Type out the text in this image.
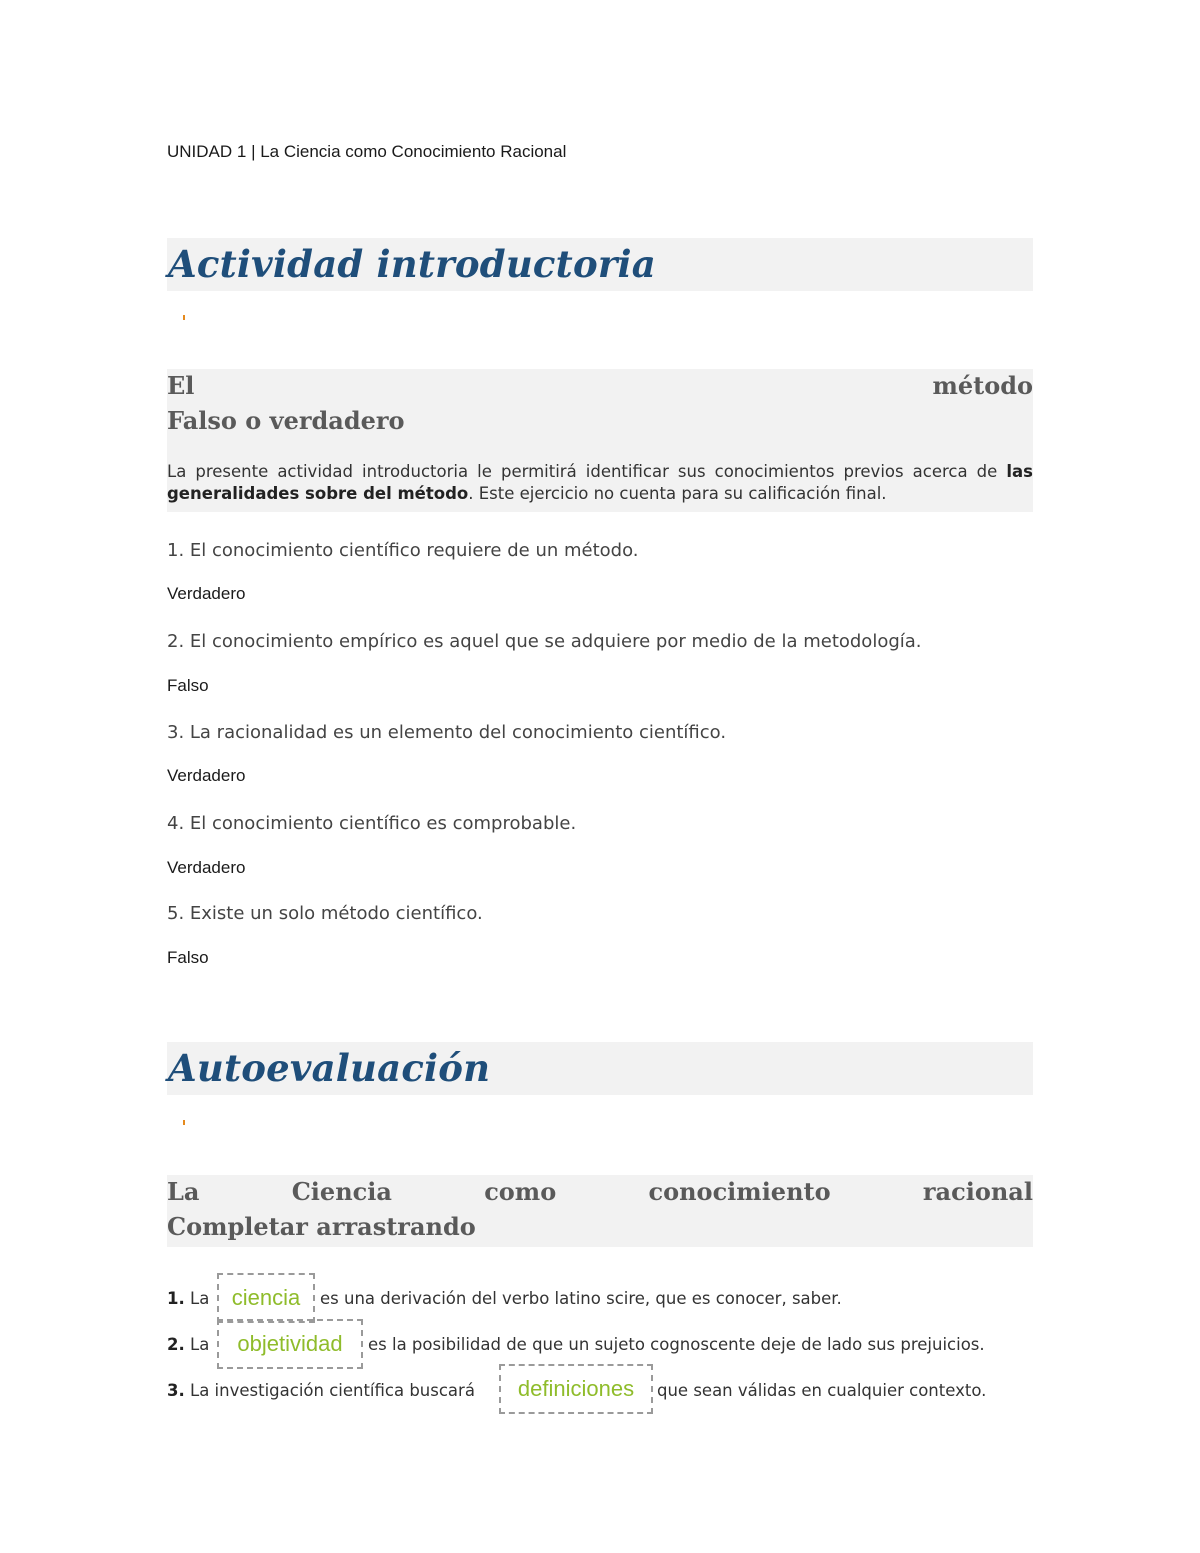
UNIDAD 1 | La Ciencia como Conocimiento Racional
Actividad introductoria
El	método
Falso o verdadero
La presente actividad introductoria le permitirá identificar sus conocimientos previos acerca de las generalidades sobre del método. Este ejercicio no cuenta para su calificación final.
1. El conocimiento científico requiere de un método.
Verdadero
2. El conocimiento empírico es aquel que se adquiere por medio de la metodología.
Falso
3. La racionalidad es un elemento del conocimiento científico.
Verdadero
4. El conocimiento científico es comprobable.
Verdadero
5. Existe un solo método científico.
Falso
Autoevaluación
La	Ciencia	como	conocimiento	racional
Completar arrastrando
1. La	ciencia	es una derivación del verbo latino scire, que es conocer, saber.
2. La	objetividad	es la posibilidad de que un sujeto cognoscente deje de lado sus prejuicios.
3. La investigación científica buscará	definiciones	que sean válidas en cualquier contexto.
